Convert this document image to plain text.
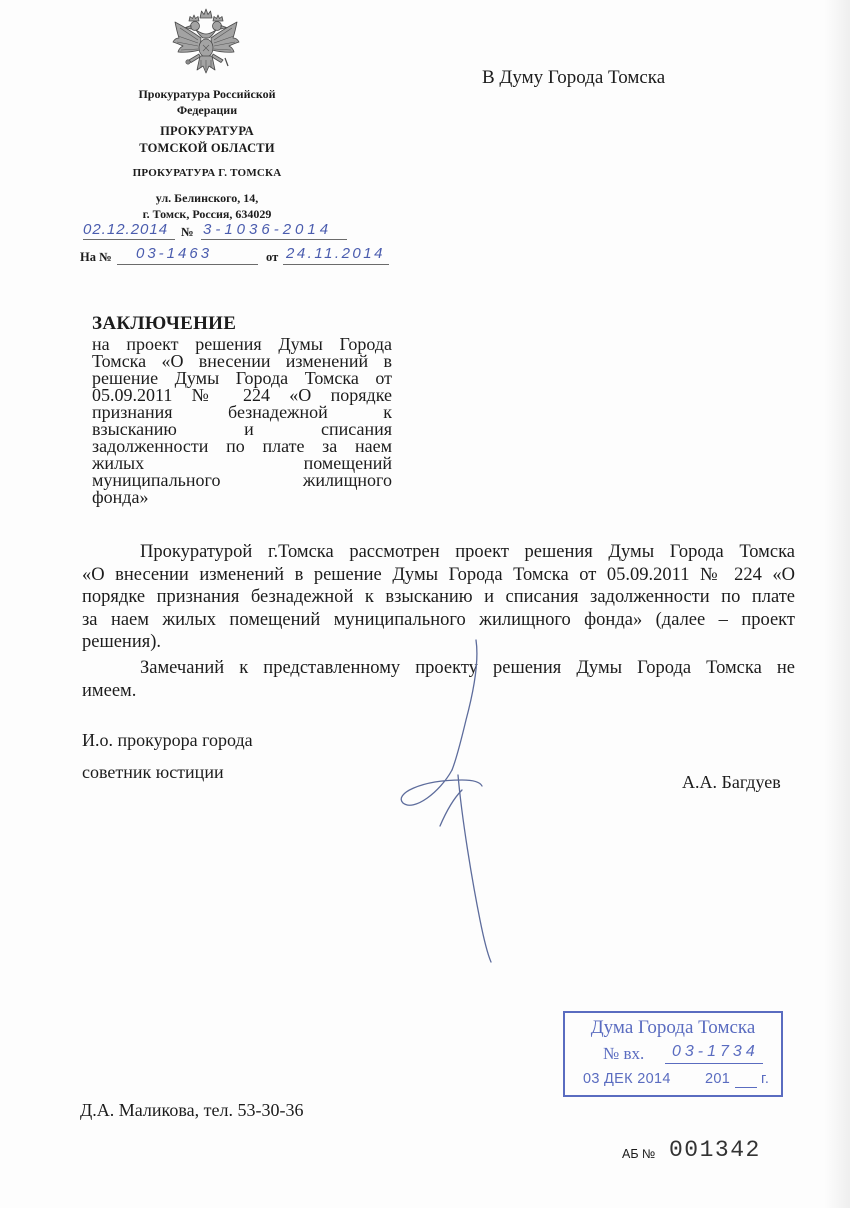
Прокуратура Российской
Федерации
ПРОКУРАТУРА
ТОМСКОЙ ОБЛАСТИ
ПРОКУРАТУРА Г. ТОМСКА
ул. Белинского, 14,
г. Томск, Россия, 634029
02.12.2014 № 3-1036-2014
На № 03-1463	от 24.11.2014
В Думу Города Томска
ЗАКЛЮЧЕНИЕ
на проект решения Думы Города
Томска «О внесении изменений в
решение Думы Города Томска от
05.09.2011 № 224 «О порядке
признания безнадежной к
взысканию и списания
задолженности по плате за наем
жилых помещений
муниципального жилищного
фонда»
Прокуратурой г.Томска рассмотрен проект решения Думы Города Томска
«О внесении изменений в решение Думы Города Томска от 05.09.2011 № 224 «О
порядке признания безнадежной к взысканию и списания задолженности по плате
за наем жилых помещений муниципального жилищного фонда» (далее – проект
решения).
Замечаний к представленному проекту решения Думы Города Томска не
имеем.
И.о. прокурора города
советник юстиции	А.А. Багдуев
Дума Города Томска
№ вх. 03-1734
03 ДЕК 2014 201 г.
Д.А. Маликова, тел. 53-30-36
АБ № 001342
